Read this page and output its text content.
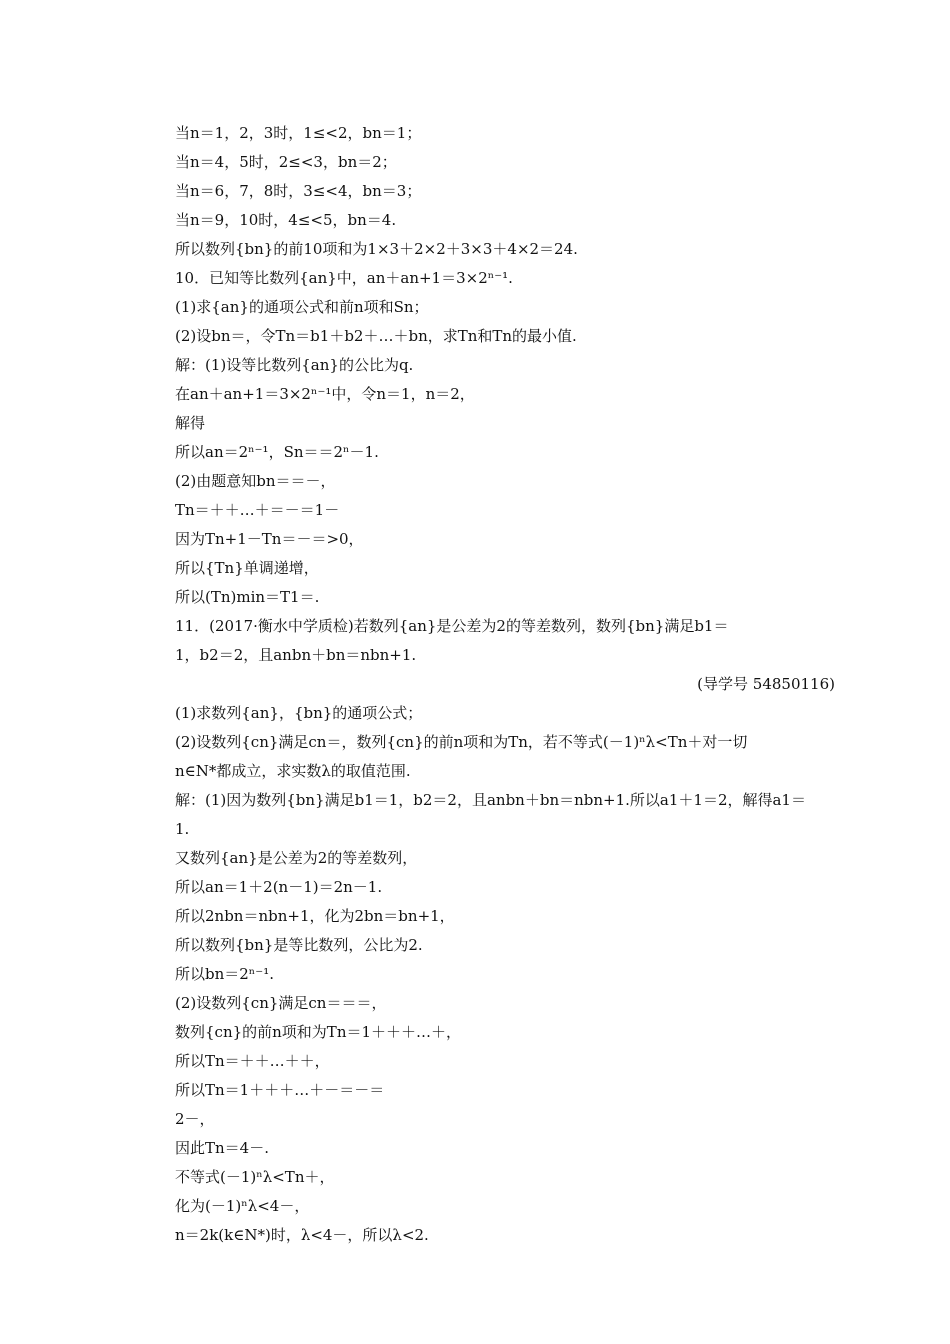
当n＝1，2，3时，1≤<2，bn＝1；
当n＝4，5时，2≤<3，bn＝2；
当n＝6，7，8时，3≤<4，bn＝3；
当n＝9，10时，4≤<5，bn＝4.
所以数列{bn}的前10项和为1×3＋2×2＋3×3＋4×2＝24.
10．已知等比数列{an}中，an＋an+1＝3×2ⁿ⁻¹.
(1)求{an}的通项公式和前n项和Sn；
(2)设bn＝，令Tn＝b1＋b2＋…＋bn，求Tn和Tn的最小值.
解：(1)设等比数列{an}的公比为q.
在an＋an+1＝3×2ⁿ⁻¹中，令n＝1，n＝2，
解得
所以an＝2ⁿ⁻¹，Sn＝＝2ⁿ－1.
(2)由题意知bn＝＝－，
Tn＝＋＋…＋＝－＝1－
因为Tn+1－Tn＝－＝>0，
所以{Tn}单调递增，
所以(Tn)min＝T1＝.
11．(2017·衡水中学质检)若数列{an}是公差为2的等差数列，数列{bn}满足b1＝
1，b2＝2，且anbn＋bn＝nbn+1.
(导学号 54850116)
(1)求数列{an}，{bn}的通项公式；
(2)设数列{cn}满足cn＝，数列{cn}的前n项和为Tn，若不等式(－1)ⁿλ<Tn＋对一切
n∈N*都成立，求实数λ的取值范围.
解：(1)因为数列{bn}满足b1＝1，b2＝2，且anbn＋bn＝nbn+1.所以a1＋1＝2，解得a1＝
1.
又数列{an}是公差为2的等差数列，
所以an＝1＋2(n－1)＝2n－1.
所以2nbn＝nbn+1，化为2bn＝bn+1，
所以数列{bn}是等比数列，公比为2.
所以bn＝2ⁿ⁻¹.
(2)设数列{cn}满足cn＝＝＝，
数列{cn}的前n项和为Tn＝1＋＋＋…＋，
所以Tn＝＋＋…＋＋，
所以Tn＝1＋＋＋…＋－＝－＝
2－，
因此Tn＝4－.
不等式(－1)ⁿλ<Tn＋，
化为(－1)ⁿλ<4－，
n＝2k(k∈N*)时，λ<4－，所以λ<2.
